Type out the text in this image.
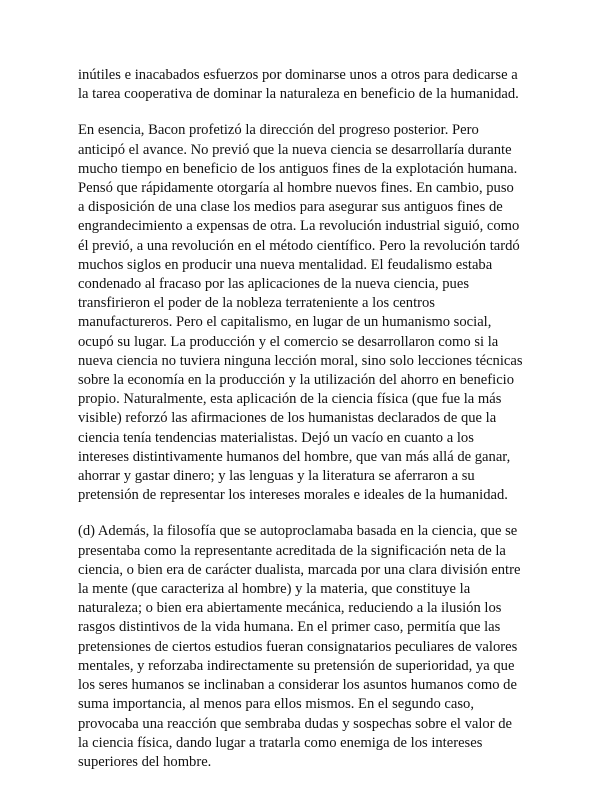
inútiles e inacabados esfuerzos por dominarse unos a otros para dedicarse a
la tarea cooperativa de dominar la naturaleza en beneficio de la humanidad.

En esencia, Bacon profetizó la dirección del progreso posterior. Pero
anticipó el avance. No previó que la nueva ciencia se desarrollaría durante
mucho tiempo en beneficio de los antiguos fines de la explotación humana.
Pensó que rápidamente otorgaría al hombre nuevos fines. En cambio, puso
a disposición de una clase los medios para asegurar sus antiguos fines de
engrandecimiento a expensas de otra. La revolución industrial siguió, como
él previó, a una revolución en el método científico. Pero la revolución tardó
muchos siglos en producir una nueva mentalidad. El feudalismo estaba
condenado al fracaso por las aplicaciones de la nueva ciencia, pues
transfirieron el poder de la nobleza terrateniente a los centros
manufactureros. Pero el capitalismo, en lugar de un humanismo social,
ocupó su lugar. La producción y el comercio se desarrollaron como si la
nueva ciencia no tuviera ninguna lección moral, sino solo lecciones técnicas
sobre la economía en la producción y la utilización del ahorro en beneficio
propio. Naturalmente, esta aplicación de la ciencia física (que fue la más
visible) reforzó las afirmaciones de los humanistas declarados de que la
ciencia tenía tendencias materialistas. Dejó un vacío en cuanto a los
intereses distintivamente humanos del hombre, que van más allá de ganar,
ahorrar y gastar dinero; y las lenguas y la literatura se aferraron a su
pretensión de representar los intereses morales e ideales de la humanidad.

(d) Además, la filosofía que se autoproclamaba basada en la ciencia, que se
presentaba como la representante acreditada de la significación neta de la
ciencia, o bien era de carácter dualista, marcada por una clara división entre
la mente (que caracteriza al hombre) y la materia, que constituye la
naturaleza; o bien era abiertamente mecánica, reduciendo a la ilusión los
rasgos distintivos de la vida humana. En el primer caso, permitía que las
pretensiones de ciertos estudios fueran consignatarios peculiares de valores
mentales, y reforzaba indirectamente su pretensión de superioridad, ya que
los seres humanos se inclinaban a considerar los asuntos humanos como de
suma importancia, al menos para ellos mismos. En el segundo caso,
provocaba una reacción que sembraba dudas y sospechas sobre el valor de
la ciencia física, dando lugar a tratarla como enemiga de los intereses
superiores del hombre.
